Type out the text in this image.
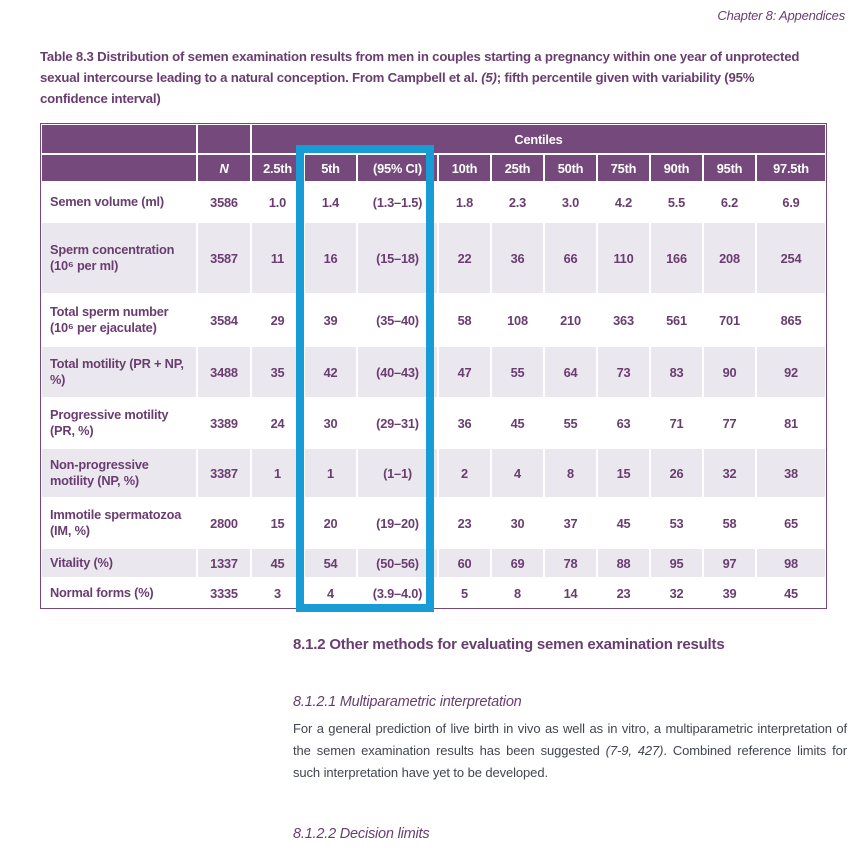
Chapter 8: Appendices
Table 8.3 Distribution of semen examination results from men in couples starting a pregnancy within one year of unprotected sexual intercourse leading to a natural conception. From Campbell et al. (5); fifth percentile given with variability (95% confidence interval)
		Centiles									
	N	2.5th	5th	(95% CI)	10th	25th	50th	75th	90th	95th	97.5th
Semen volume (ml)	3586	1.0	1.4	(1.3–1.5)	1.8	2.3	3.0	4.2	5.5	6.2	6.9
Sperm concentration (10⁶ per ml)	3587	11	16	(15–18)	22	36	66	110	166	208	254
Total sperm number (10⁶ per ejaculate)	3584	29	39	(35–40)	58	108	210	363	561	701	865
Total motility (PR + NP, %)	3488	35	42	(40–43)	47	55	64	73	83	90	92
Progressive motility (PR, %)	3389	24	30	(29–31)	36	45	55	63	71	77	81
Non-progressive motility (NP, %)	3387	1	1	(1–1)	2	4	8	15	26	32	38
Immotile spermatozoa (IM, %)	2800	15	20	(19–20)	23	30	37	45	53	58	65
Vitality (%)	1337	45	54	(50–56)	60	69	78	88	95	97	98
Normal forms (%)	3335	3	4	(3.9–4.0)	5	8	14	23	32	39	45
8.1.2 Other methods for evaluating semen examination results
8.1.2.1 Multiparametric interpretation

For a general prediction of live birth in vivo as well as in vitro, a multiparametric interpretation of the semen examination results has been suggested (7-9, 427). Combined reference limits for such interpretation have yet to be developed.

8.1.2.2 Decision limits
